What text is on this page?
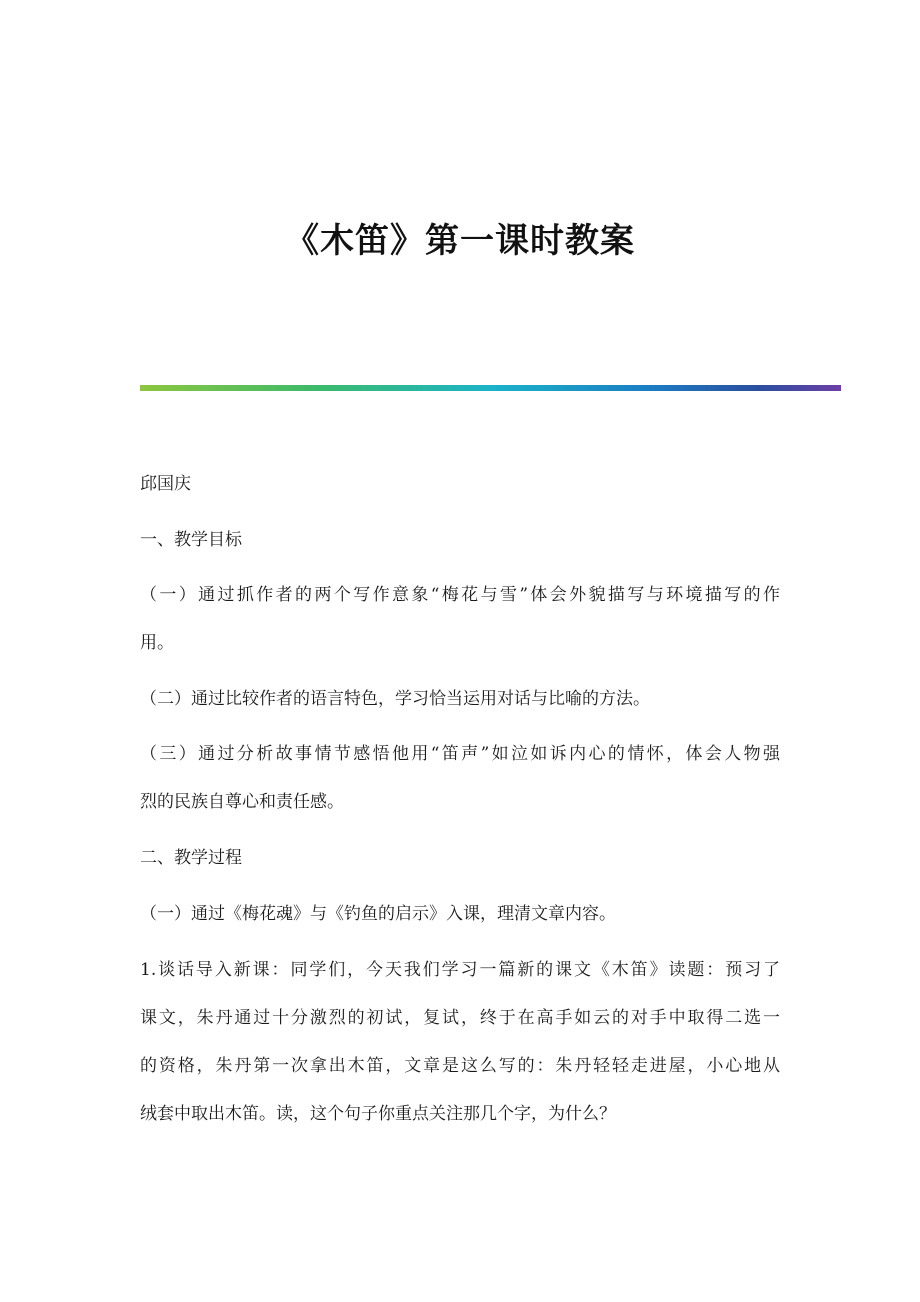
《木笛》第一课时教案
邱国庆
一、教学目标
（一）通过抓作者的两个写作意象“梅花与雪”体会外貌描写与环境描写的作
用。
（二）通过比较作者的语言特色，学习恰当运用对话与比喻的方法。
（三）通过分析故事情节感悟他用“笛声”如泣如诉内心的情怀，体会人物强
烈的民族自尊心和责任感。
二、教学过程
（一）通过《梅花魂》与《钓鱼的启示》入课，理清文章内容。
1.谈话导入新课：同学们，今天我们学习一篇新的课文《木笛》读题：预习了
课文，朱丹通过十分激烈的初试，复试，终于在高手如云的对手中取得二选一
的资格，朱丹第一次拿出木笛，文章是这么写的：朱丹轻轻走进屋，小心地从
绒套中取出木笛。读，这个句子你重点关注那几个字，为什么？
